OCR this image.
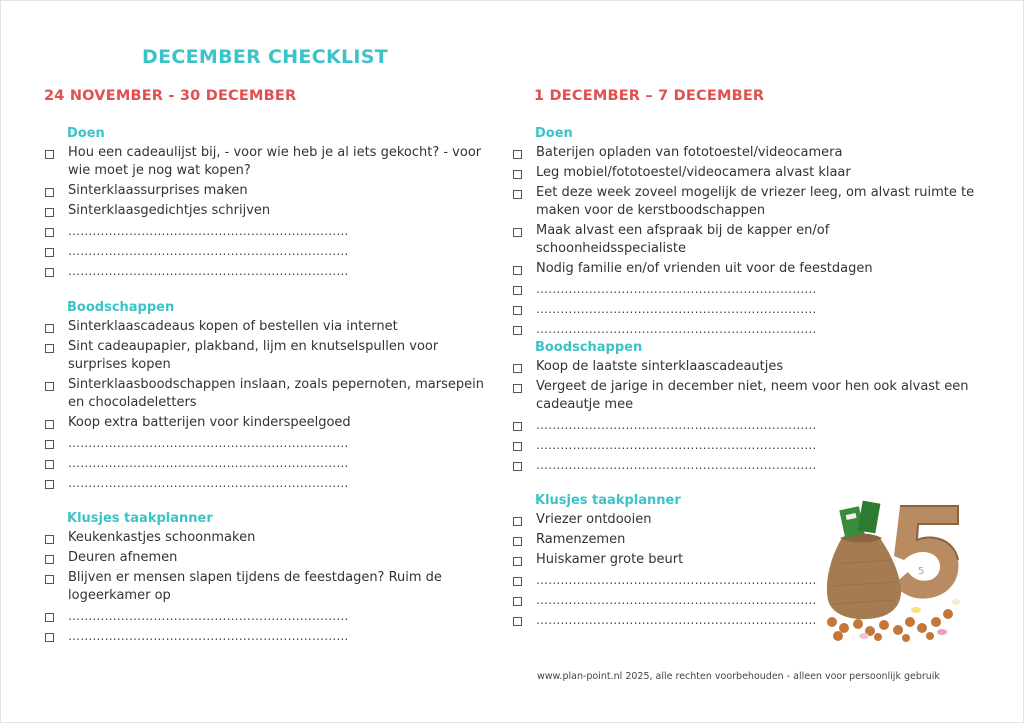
DECEMBER CHECKLIST
24 NOVEMBER - 30 DECEMBER
Doen
Hou een cadeaulijst bij, - voor wie heb je al iets gekocht? - voor wie moet je nog wat kopen?
Sinterklaassurprises maken
Sinterklaasgedichtjes schrijven
……………………………………………………………
……………………………………………………………
……………………………………………………………
Boodschappen
Sinterklaascadeaus kopen of bestellen via internet
Sint cadeaupapier, plakband, lijm en knutselspullen voor surprises kopen
Sinterklaasboodschappen inslaan, zoals pepernoten, marsepein en chocoladeletters
Koop extra batterijen voor kinderspeelgoed
……………………………………………………………
……………………………………………………………
……………………………………………………………
Klusjes taakplanner
Keukenkastjes schoonmaken
Deuren afnemen
Blijven er mensen slapen tijdens de feestdagen? Ruim de logeerkamer op
……………………………………………………………
……………………………………………………………
1 DECEMBER – 7 DECEMBER
Doen
Baterijen opladen van fototoestel/videocamera
Leg mobiel/fototoestel/videocamera alvast klaar
Eet deze week zoveel mogelijk de vriezer leeg, om alvast ruimte te maken voor de kerstboodschappen
Maak alvast een afspraak bij de kapper en/of schoonheidsspecialiste
Nodig familie en/of vrienden uit voor de feestdagen
……………………………………………………………
……………………………………………………………
……………………………………………………………
Boodschappen
Koop de laatste sinterklaascadeautjes
Vergeet de jarige in december niet, neem voor hen ook alvast een cadeautje mee
……………………………………………………………
……………………………………………………………
……………………………………………………………
Klusjes taakplanner
Vriezer ontdooien
Ramenzemen
Huiskamer grote beurt
……………………………………………………………
……………………………………………………………
……………………………………………………………
5
www.plan-point.nl 2025, alle rechten voorbehouden - alleen voor persoonlijk gebruik
